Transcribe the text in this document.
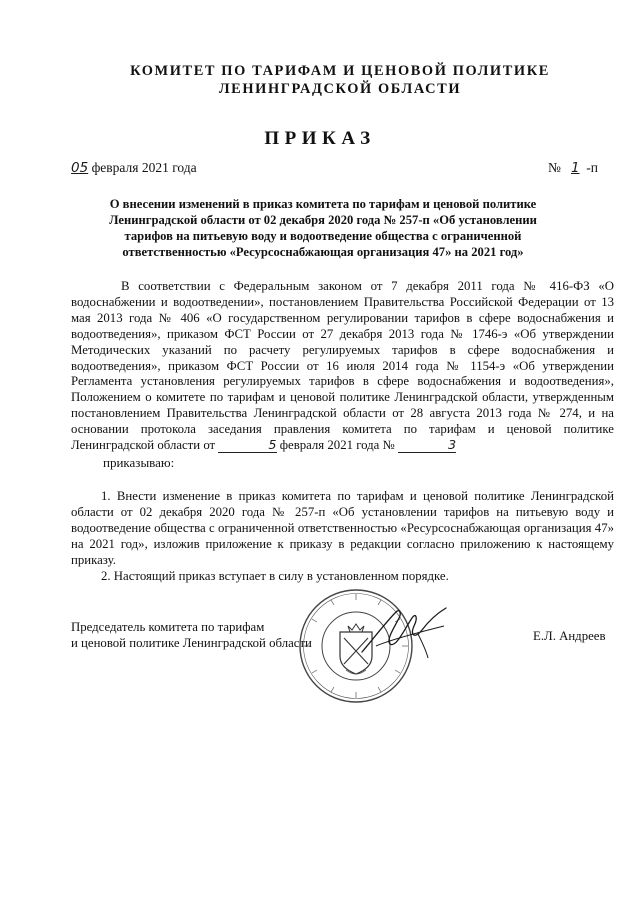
КОМИТЕТ ПО ТАРИФАМ И ЦЕНОВОЙ ПОЛИТИКЕ
ЛЕНИНГРАДСКОЙ ОБЛАСТИ
ПРИКАЗ
05 февраля 2021 года	№ 1 -п
О внесении изменений в приказ комитета по тарифам и ценовой политике Ленинградской области от 02 декабря 2020 года № 257-п «Об установлении тарифов на питьевую воду и водоотведение общества с ограниченной ответственностью «Ресурсоснабжающая организация 47» на 2021 год»
В соответствии с Федеральным законом от 7 декабря 2011 года № 416-ФЗ «О водоснабжении и водоотведении», постановлением Правительства Российской Федерации от 13 мая 2013 года № 406 «О государственном регулировании тарифов в сфере водоснабжения и водоотведения», приказом ФСТ России от 27 декабря 2013 года № 1746-э «Об утверждении Методических указаний по расчету регулируемых тарифов в сфере водоснабжения и водоотведения», приказом ФСТ России от 16 июля 2014 года № 1154-э «Об утверждении Регламента установления регулируемых тарифов в сфере водоснабжения и водоотведения», Положением о комитете по тарифам и ценовой политике Ленинградской области, утвержденным постановлением Правительства Ленинградской области от 28 августа 2013 года № 274, и на основании протокола заседания правления комитета по тарифам и ценовой политике Ленинградской области от	5 февраля 2021 года №	3
приказываю:

1. Внести изменение в приказ комитета по тарифам и ценовой политике Ленинградской области от 02 декабря 2020 года № 257-п «Об установлении тарифов на питьевую воду и водоотведение общества с ограниченной ответственностью «Ресурсоснабжающая организация 47» на 2021 год», изложив приложение к приказу в редакции согласно приложению к настоящему приказу.

2. Настоящий приказ вступает в силу в установленном порядке.

Председатель комитета по тарифам
и ценовой политике Ленинградской области	Е.Л. Андреев
